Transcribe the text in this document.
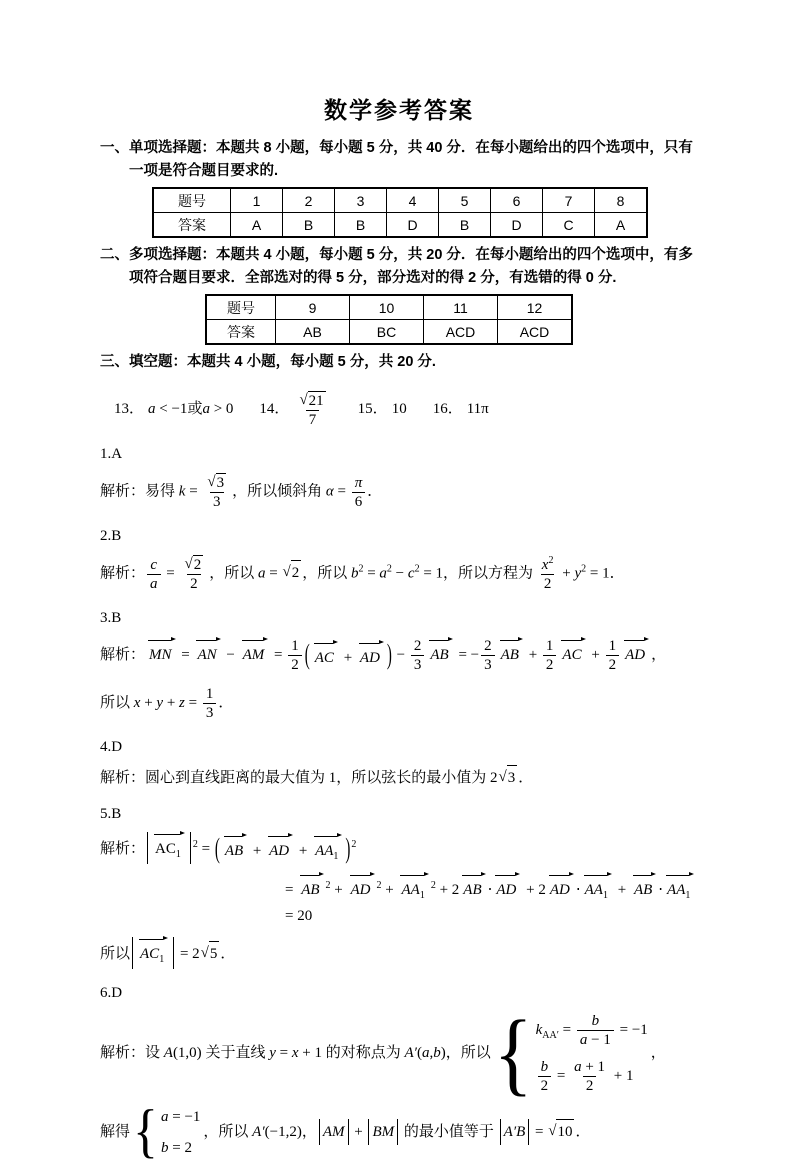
数学参考答案
一、单项选择题：本题共 8 小题，每小题 5 分，共 40 分．在每小题给出的四个选项中，只有一项是符合题目要求的.
题号	1	2	3	4	5	6	7	8
答案	A	B	B	D	B	D	C	A
二、多项选择题：本题共 4 小题，每小题 5 分，共 20 分．在每小题给出的四个选项中，有多项符合题目要求．全部选对的得 5 分，部分选对的得 2 分，有选错的得 0 分.
题号	9	10	11	12
答案	AB	BC	ACD	ACD
三、填空题：本题共 4 小题，每小题 5 分，共 20 分.
13． a < −1或a > 0 14． $\frac{√21}{7} 15$． 10 16． 11π
1.A
解析：易得 $k = \frac{√3}{3}$ ，所以倾斜角 $\alpha = \frac{\pi}{6}$ ．
2.B
解析： $\frac{c}{a} = \frac{√2}{2}$ ，所以 a = √2 ，所以 $b^2 = a^2 - c^2 = 1$，所以方程为 $\frac{x^2}{2} + y^2 = 1$．
3.B
解析： MN = AN − AM = $\frac{1}{2}$ ( AC + AD ) − $\frac{2}{3}$ AB = − $\frac{2}{3}$ AB + $\frac{1}{2}$ AC + $\frac{1}{2}$ AD ，
所以 $x + y + z = \frac{1}{3}$ ．
4.D
解析：圆心到直线距离的最大值为 1，所以弦长的最小值为 2√3 ．
5.B
解析： $AC_1^2$ = ( AB + AD + $AA_1$ ) $^2$
= AB $^2$ + AD $^2 + AA_1^2 + 2$ AB ⋅ AD + 2 AD ⋅ $AA_1$ + AB ⋅ $AA_1 = 20$
所以 $AC_1 = 2√5$ ．
6.D
解析：设 A(1,0) 关于直线 y = x + 1 的对称点为 A′(a,b)，所以 { $k_{AA'} = \frac{b}{a - 1} = -1$
$\frac{b}{2} = \frac{a + 1}{2} + 1$
，
解得 { a = −1
b = 2
，所以 A′(−1,2)， AM + BM 的最小值等于 A′B = √10 ．
